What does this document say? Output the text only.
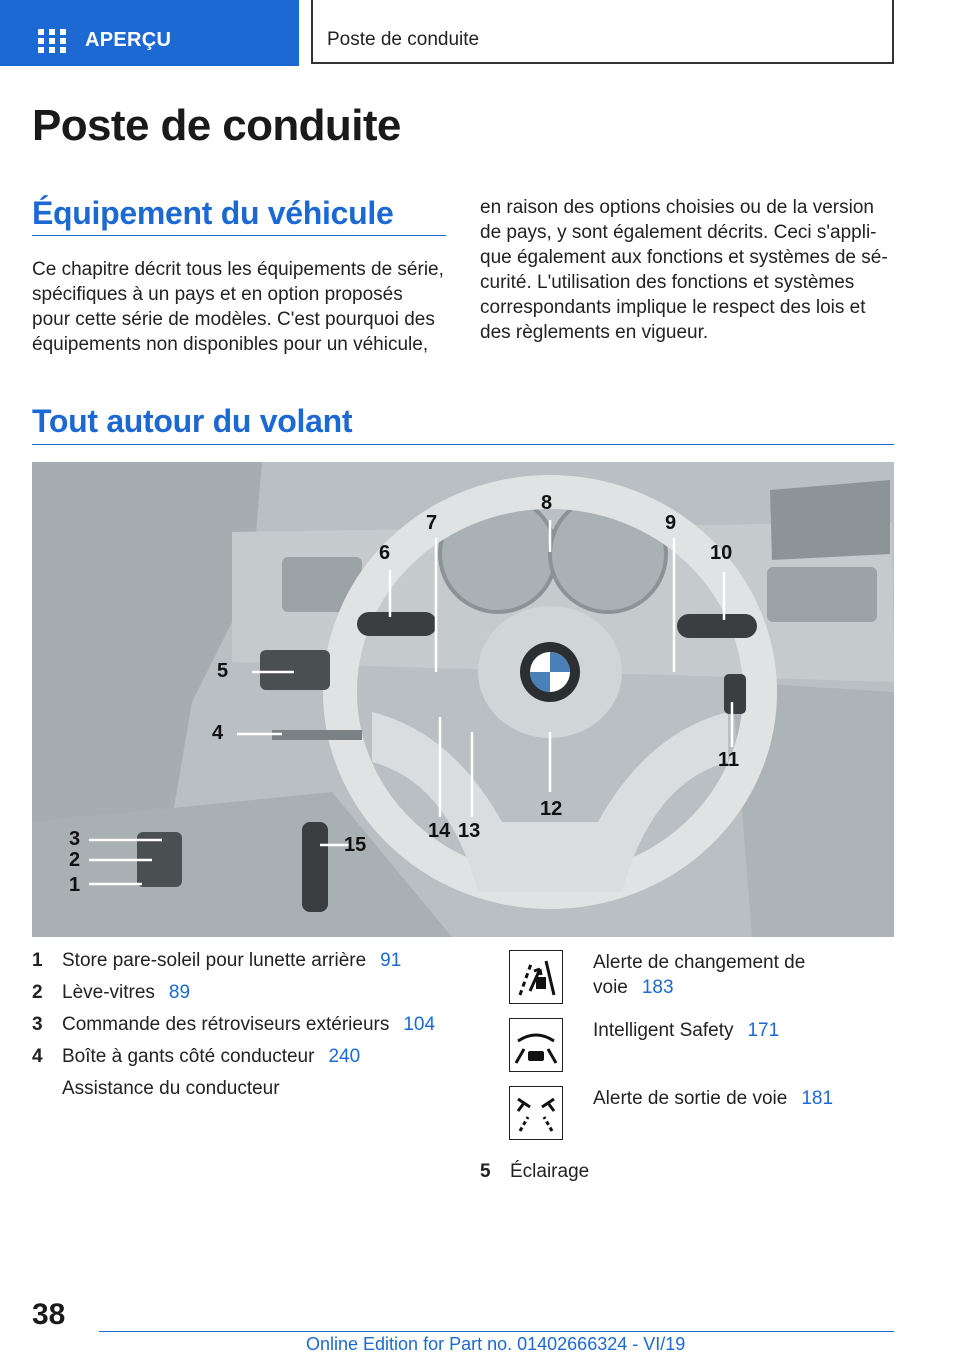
APERÇU	Poste de conduite
Poste de conduite
Équipement du véhicule
Ce chapitre décrit tous les équipements de série,
spécifiques à un pays et en option proposés
pour cette série de modèles. C'est pourquoi des
équipements non disponibles pour un véhicule,
en raison des options choisies ou de la version
de pays, y sont également décrits. Ceci s'appli‐
que également aux fonctions et systèmes de sé‐
curité. L'utilisation des fonctions et systèmes
correspondants implique le respect des lois et
des règlements en vigueur.
Tout autour du volant
3
2
1
4
5
6
7
8
9
10
11
12
13
14
15
1 Store pare-soleil pour lunette arrière 91
2 Lève-vitres 89
3 Commande des rétroviseurs extérieurs 104
4 Boîte à gants côté conducteur 240
Assistance du conducteur
Alerte de changement de
voie 183
Intelligent Safety 171
Alerte de sortie de voie 181
5 Éclairage
38
Online Edition for Part no. 01402666324 - VI/19
